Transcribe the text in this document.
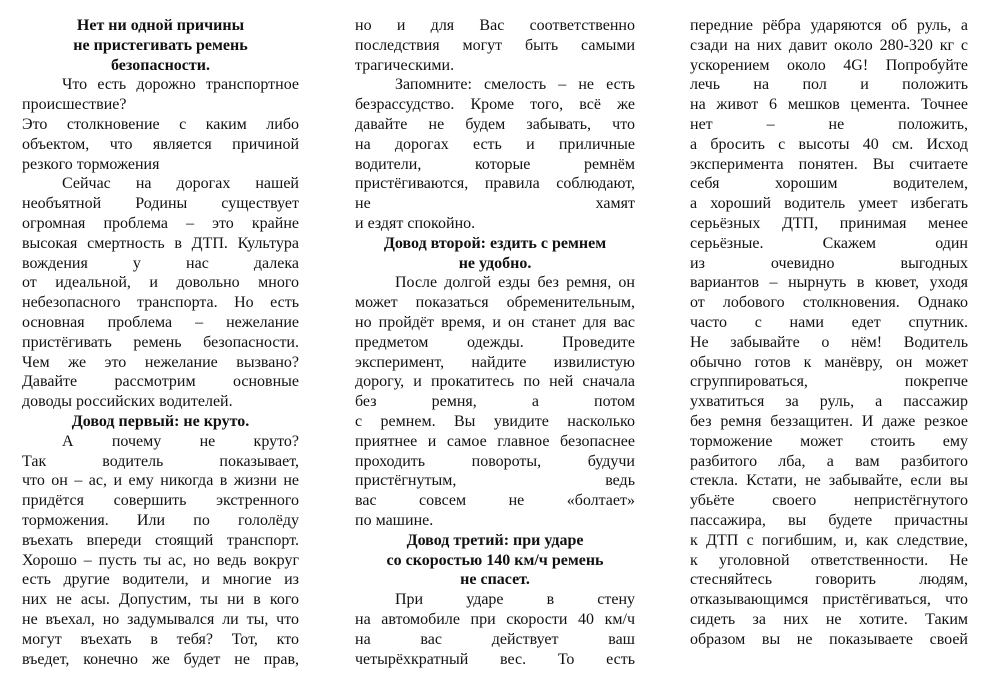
Нет ни одной причины
не пристегивать ремень
безопасности.
Что есть дорожно транспортное
происшествие?
Это столкновение с каким либо
объектом, что является причиной
резкого торможения
Сейчас на дорогах нашей
необъятной Родины существует
огромная проблема – это крайне
высокая смертность в ДТП. Культура
вождения у нас далека
от идеальной, и довольно много
небезопасного транспорта. Но есть
основная проблема – нежелание
пристёгивать ремень безопасности.
Чем же это нежелание вызвано?
Давайте рассмотрим основные
доводы российских водителей.
Довод первый: не круто.
А почему не круто?
Так водитель показывает,
что он – ас, и ему никогда в жизни не
придётся совершить экстренного
торможения. Или по гололёду
въехать впереди стоящий транспорт.
Хорошо – пусть ты ас, но ведь вокруг
есть другие водители, и многие из
них не асы. Допустим, ты ни в кого
не въехал, но задумывался ли ты, что
могут въехать в тебя? Тот, кто
въедет, конечно же будет не прав,
но и для Вас соответственно
последствия могут быть самыми
трагическими.
Запомните: смелость – не есть
безрассудство. Кроме того, всё же
давайте не будем забывать, что
на дорогах есть и приличные
водители, которые ремнём
пристёгиваются, правила соблюдают,
не хамят
и ездят спокойно.
Довод второй: ездить с ремнем
не удобно.
После долгой езды без ремня, он
может показаться обременительным,
но пройдёт время, и он станет для вас
предметом одежды. Проведите
эксперимент, найдите извилистую
дорогу, и прокатитесь по ней сначала
без ремня, а потом
с ремнем. Вы увидите насколько
приятнее и самое главное безопаснее
проходить повороты, будучи
пристёгнутым, ведь
вас совсем не «болтает»
по машине.
Довод третий: при ударе
со скоростью 140 км/ч ремень
не спасет.
При ударе в стену
на автомобиле при скорости 40 км/ч
на вас действует ваш
четырёхкратный вес. То есть
передние рёбра ударяются об руль, а
сзади на них давит около 280-320 кг с
ускорением около 4G! Попробуйте
лечь на пол и положить
на живот 6 мешков цемента. Точнее
нет – не положить,
а бросить с высоты 40 см. Исход
эксперимента понятен. Вы считаете
себя хорошим водителем,
а хороший водитель умеет избегать
серьёзных ДТП, принимая менее
серьёзные. Скажем один
из очевидно выгодных
вариантов – нырнуть в кювет, уходя
от лобового столкновения. Однако
часто с нами едет спутник.
Не забывайте о нём! Водитель
обычно готов к манёвру, он может
сгруппироваться, покрепче
ухватиться за руль, а пассажир
без ремня беззащитен. И даже резкое
торможение может стоить ему
разбитого лба, а вам разбитого
стекла. Кстати, не забывайте, если вы
убьёте своего непристёгнутого
пассажира, вы будете причастны
к ДТП с погибшим, и, как следствие,
к уголовной ответственности. Не
стесняйтесь говорить людям,
отказывающимся пристёгиваться, что
сидеть за них не хотите. Таким
образом вы не показываете своей
